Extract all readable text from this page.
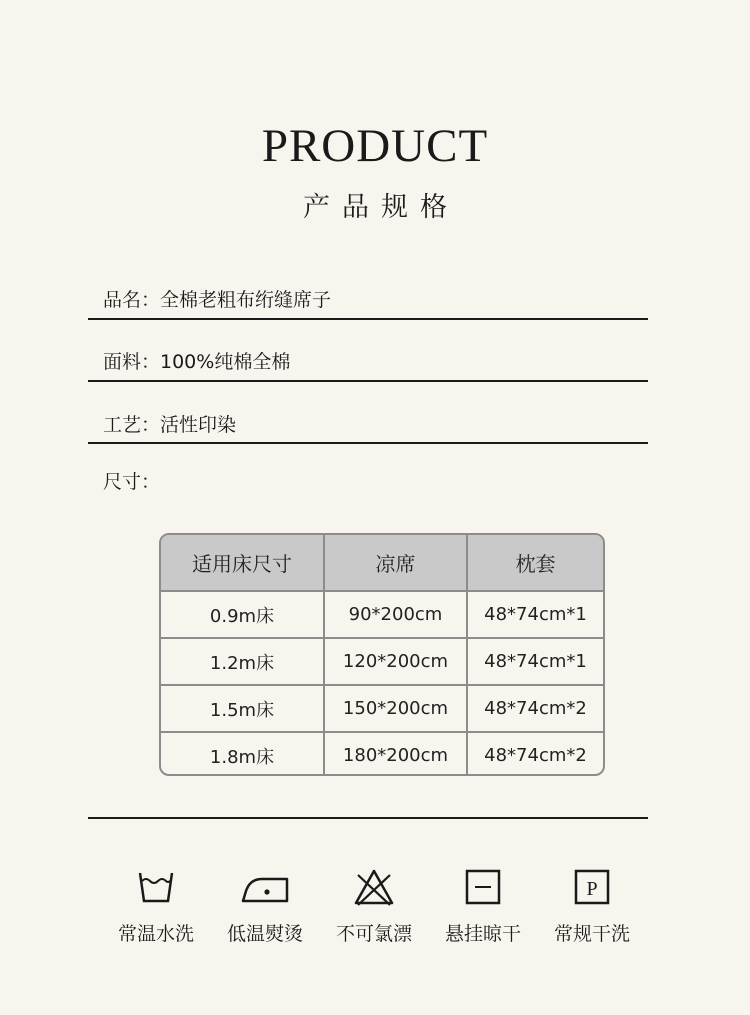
PRODUCT
产品规格
品名：全棉老粗布绗缝席子
面料：100%纯棉全棉
工艺：活性印染
尺寸：
适用床尺寸	凉席	枕套
0.9m床	90*200cm	48*74cm*1
1.2m床	120*200cm	48*74cm*1
1.5m床	150*200cm	48*74cm*2
1.8m床	180*200cm	48*74cm*2
常温水洗 低温熨烫 不可氯漂 悬挂晾干
P
常规干洗
